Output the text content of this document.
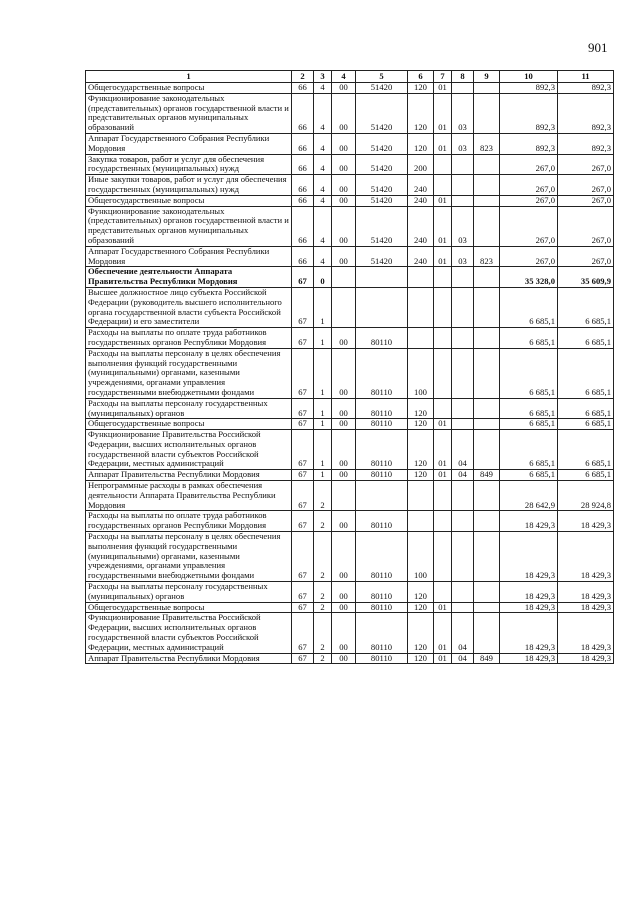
901
1	2	3	4	5	6	7	8	9	10	11
Общегосударственные вопросы	66	4	00	51420	120	01			892,3	892,3
Функционирование законодательных (представительных) органов государственной власти и представительных органов муниципальных образований	66	4	00	51420	120	01	03		892,3	892,3
Аппарат Государственного Собрания Республики Мордовия	66	4	00	51420	120	01	03	823	892,3	892,3
Закупка товаров, работ и услуг для обеспечения государственных (муниципальных) нужд	66	4	00	51420	200				267,0	267,0
Иные закупки товаров, работ и услуг для обеспечения государственных (муниципальных) нужд	66	4	00	51420	240				267,0	267,0
Общегосударственные вопросы	66	4	00	51420	240	01			267,0	267,0
Функционирование законодательных (представительных) органов государственной власти и представительных органов муниципальных образований	66	4	00	51420	240	01	03		267,0	267,0
Аппарат Государственного Собрания Республики Мордовия	66	4	00	51420	240	01	03	823	267,0	267,0
Обеспечение деятельности Аппарата Правительства Республики Мордовия	67	0							35 328,0	35 609,9
Высшее должностное лицо субъекта Российской Федерации (руководитель высшего исполнительного органа государственной власти субъекта Российской Федерации) и его заместители	67	1							6 685,1	6 685,1
Расходы на выплаты по оплате труда работников государственных органов Республики Мордовия	67	1	00	80110					6 685,1	6 685,1
Расходы на выплаты персоналу в целях обеспечения выполнения функций государственными (муниципальными) органами, казенными учреждениями, органами управления государственными внебюджетными фондами	67	1	00	80110	100				6 685,1	6 685,1
Расходы на выплаты персоналу государственных (муниципальных) органов	67	1	00	80110	120				6 685,1	6 685,1
Общегосударственные вопросы	67	1	00	80110	120	01			6 685,1	6 685,1
Функционирование Правительства Российской Федерации, высших исполнительных органов государственной власти субъектов Российской Федерации, местных администраций	67	1	00	80110	120	01	04		6 685,1	6 685,1
Аппарат Правительства Республики Мордовия	67	1	00	80110	120	01	04	849	6 685,1	6 685,1
Непрограммные расходы в рамках обеспечения деятельности Аппарата Правительства Республики Мордовия	67	2							28 642,9	28 924,8
Расходы на выплаты по оплате труда работников государственных органов Республики Мордовия	67	2	00	80110					18 429,3	18 429,3
Расходы на выплаты персоналу в целях обеспечения выполнения функций государственными (муниципальными) органами, казенными учреждениями, органами управления государственными внебюджетными фондами	67	2	00	80110	100				18 429,3	18 429,3
Расходы на выплаты персоналу государственных (муниципальных) органов	67	2	00	80110	120				18 429,3	18 429,3
Общегосударственные вопросы	67	2	00	80110	120	01			18 429,3	18 429,3
Функционирование Правительства Российской Федерации, высших исполнительных органов государственной власти субъектов Российской Федерации, местных администраций	67	2	00	80110	120	01	04		18 429,3	18 429,3
Аппарат Правительства Республики Мордовия	67	2	00	80110	120	01	04	849	18 429,3	18 429,3
